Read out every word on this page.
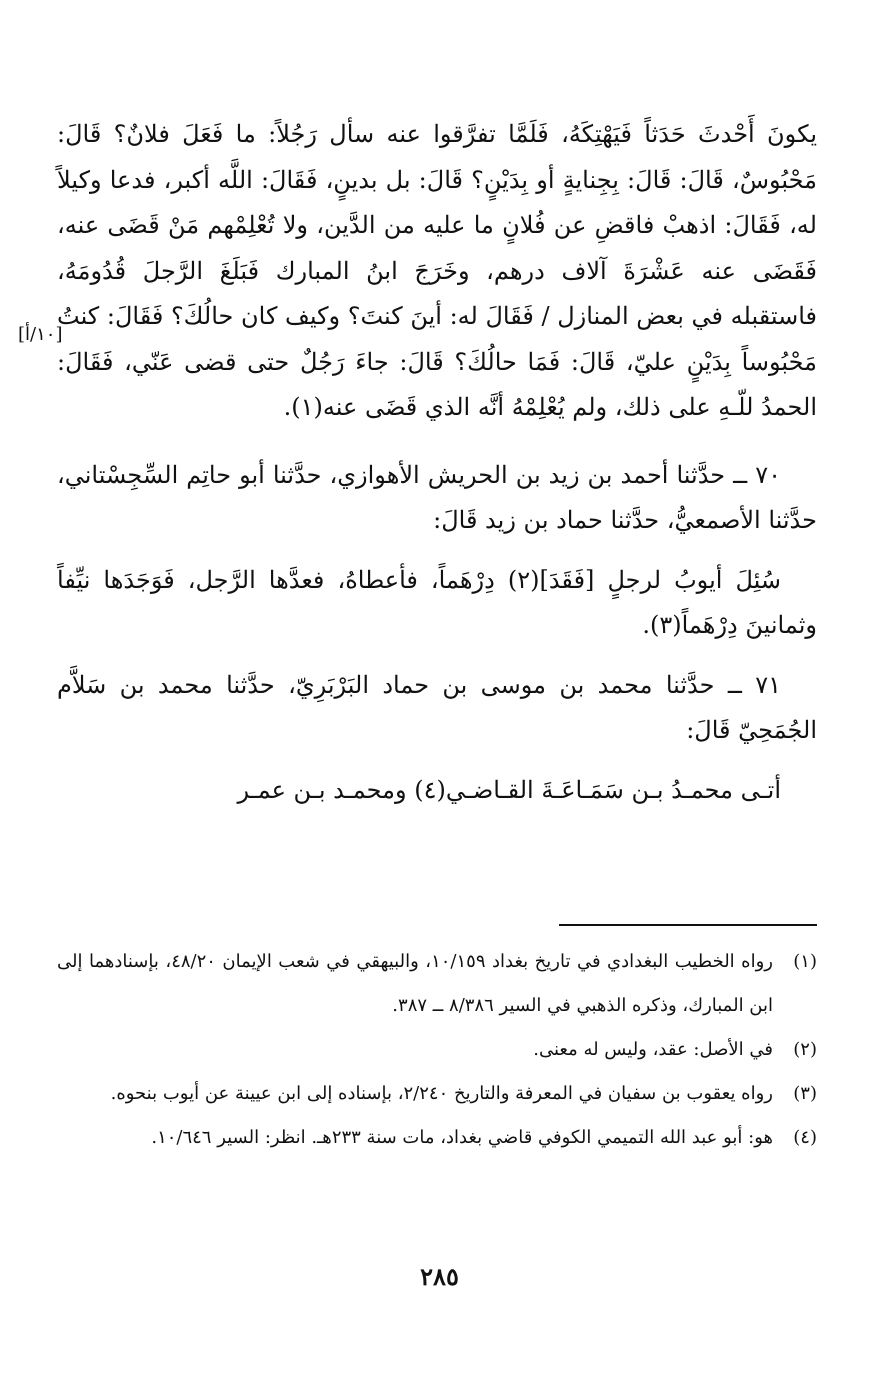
يكونَ أَحْدثَ حَدَثاً فَيَهْتِكَهُ، فَلَمَّا تفرَّقوا عنه سأل رَجُلاً: ما فَعَلَ فلانٌ؟ قَالَ: مَحْبُوسٌ، قَالَ: قَالَ: بِجِنايةٍ أو بِدَيْنٍ؟ قَالَ: بل بدينٍ، فَقَالَ: اللَّه أكبر، فدعا وكيلاً له، فَقَالَ: اذهبْ فاقضِ عن فُلانٍ ما عليه من الدَّين، ولا تُعْلِمْهم مَنْ قَضَى عنه، فَقَضَى عنه عَشْرَةَ آلاف درهم، وخَرَجَ ابنُ المبارك فَبَلَغَ الرَّجلَ قُدُومَهُ، فاستقبله في بعض المنازل / فَقَالَ له: أينَ كنتَ؟ وكيف كان حالُكَ؟ فَقَالَ: كنتُ مَحْبُوساً بِدَيْنٍ عليّ، قَالَ: فَمَا حالُكَ؟ قَالَ: جاءَ رَجُلٌ حتى قضى عَنّي، فَقَالَ: الحمدُ للّـهِ على ذلك، ولم يُعْلِمْهُ أنَّه الذي قَضَى عنه(١).

٧٠ ــ حدَّثنا أحمد بن زيد بن الحريش الأهوازي، حدَّثنا أبو حاتِم السِّجِسْتاني، حدَّثنا الأصمعيُّ، حدَّثنا حماد بن زيد قَالَ:

سُئِلَ أيوبُ لرجلٍ [فَقَدَ](٢) دِرْهَماً، فأعطاهُ، فعدَّها الرَّجل، فَوَجَدَها نيِّفاً وثمانينَ دِرْهَماً(٣).

٧١ ــ حدَّثنا محمد بن موسى بن حماد البَرْبَرِيّ، حدَّثنا محمد بن سَلاَّم الجُمَحِيّ قَالَ:

أتـى محمـدُ بـن سَمَـاعَـةَ القـاضـي(٤) ومحمـد بـن عمـر

[١٠/أ]
(١)
رواه الخطيب البغدادي في تاريخ بغداد ١٠/١٥٩، والبيهقي في شعب الإيمان ٤٨/٢٠، بإسنادهما إلى ابن المبارك، وذكره الذهبي في السير ٨/٣٨٦ ــ ٣٨٧.
(٢)
في الأصل: عقد، وليس له معنى.
(٣)
رواه يعقوب بن سفيان في المعرفة والتاريخ ٢/٢٤٠، بإسناده إلى ابن عيينة عن أيوب بنحوه.
(٤)
هو: أبو عبد الله التميمي الكوفي قاضي بغداد، مات سنة ٢٣٣هـ. انظر: السير ١٠/٦٤٦.
٢٨٥
